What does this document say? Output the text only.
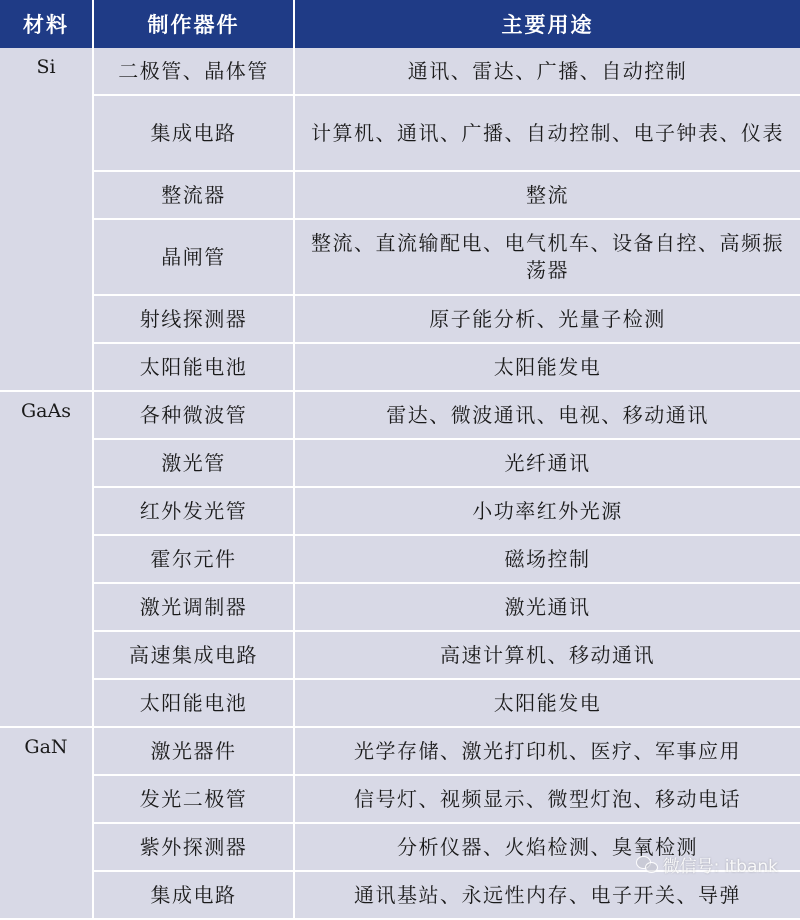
材料	制作器件	主要用途
Si	二极管、晶体管	通讯、雷达、广播、自动控制
	集成电路	计算机、通讯、广播、自动控制、电子钟表、仪表
	整流器	整流
	晶闸管	整流、直流输配电、电气机车、设备自控、高频振荡器
	射线探测器	原子能分析、光量子检测
	太阳能电池	太阳能发电
GaAs	各种微波管	雷达、微波通讯、电视、移动通讯
	激光管	光纤通讯
	红外发光管	小功率红外光源
	霍尔元件	磁场控制
	激光调制器	激光通讯
	高速集成电路	高速计算机、移动通讯
	太阳能电池	太阳能发电
GaN	激光器件	光学存储、激光打印机、医疗、军事应用
	发光二极管	信号灯、视频显示、微型灯泡、移动电话
	紫外探测器	分析仪器、火焰检测、臭氧检测
	集成电路	通讯基站、永远性内存、电子开关、导弹
微信号: itbank
